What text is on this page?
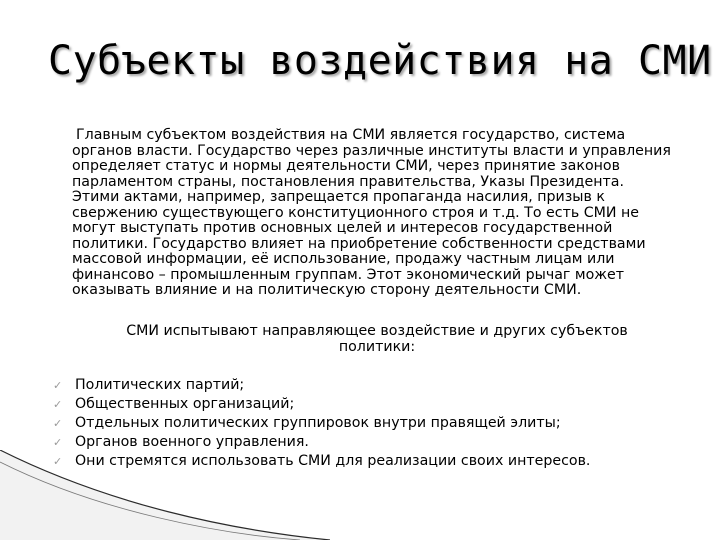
Субъекты воздействия на СМИ

Главным субъектом воздействия на СМИ является государство, система органов власти. Государство через различные институты власти и управления определяет статус и нормы деятельности СМИ, через принятие законов парламентом страны, постановления правительства, Указы Президента. Этими актами, например, запрещается пропаганда насилия, призыв к свержению существующего конституционного строя и т.д. То есть СМИ не могут выступать против основных целей и интересов государственной политики. Государство влияет на приобретение собственности средствами массовой информации, её использование, продажу частным лицам или финансово – промышленным группам. Этот экономический рычаг может оказывать влияние и на политическую сторону деятельности СМИ.

СМИ испытывают направляющее воздействие и других субъектов политики:

✓ Политических партий;
✓ Общественных организаций;
✓ Отдельных политических группировок внутри правящей элиты;
✓ Органов военного управления.
✓ Они стремятся использовать СМИ для реализации своих интересов.
